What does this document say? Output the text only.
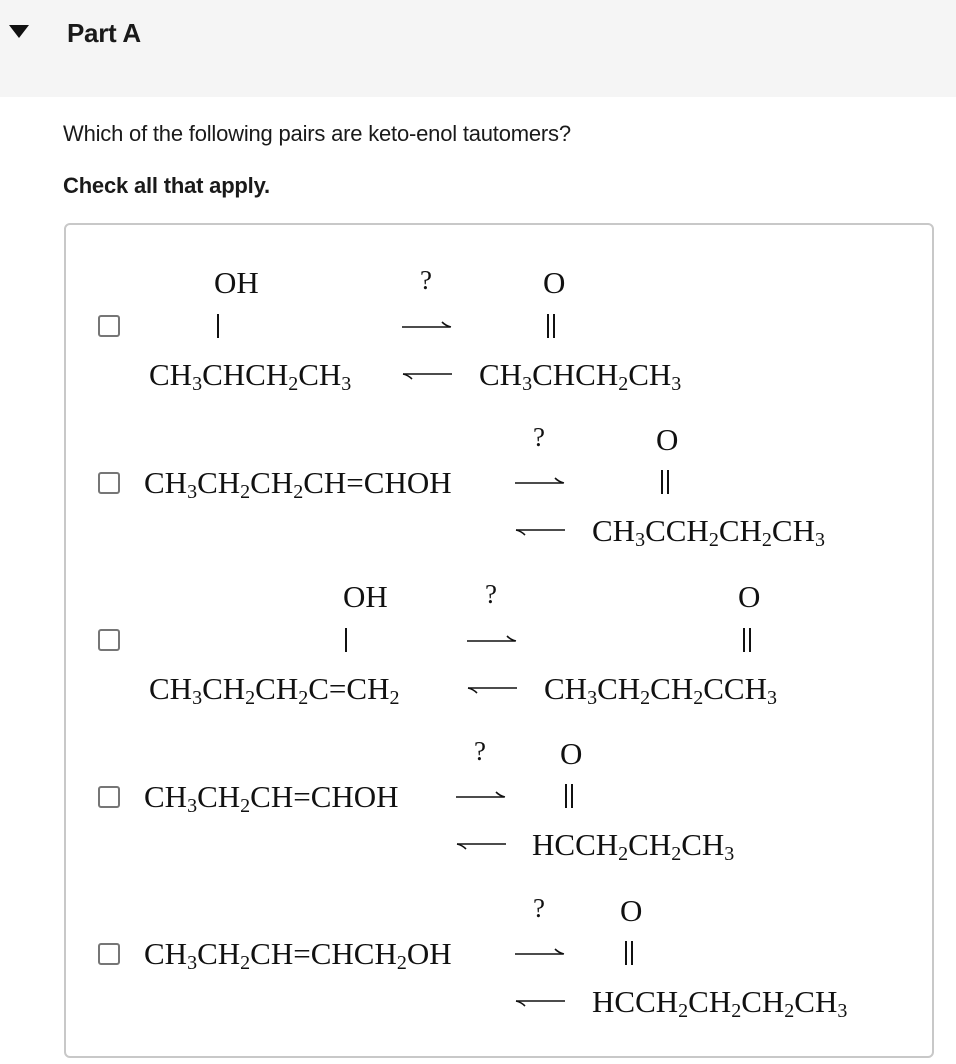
Part A
Which of the following pairs are keto-enol tautomers?
Check all that apply.
OH
$CH_3CHCH_2CH_3$
?	O
$CH_3CHCH_2CH_3$
$CH_3CH_2CH_2CH=CHOH$
?	O
$CH_3CCH_2CH_2CH_3$
OH
$CH_3CH_2CH_2C=CH_2$
?	O
$CH_3CH_2CH_2CCH_3$
$CH_3CH_2CH=CHOH$
? O
$HCCH_2CH_2CH_3$
$CH_3CH_2CH=CHCH_2OH$
? O
$HCCH_2CH_2CH_2CH_3$
